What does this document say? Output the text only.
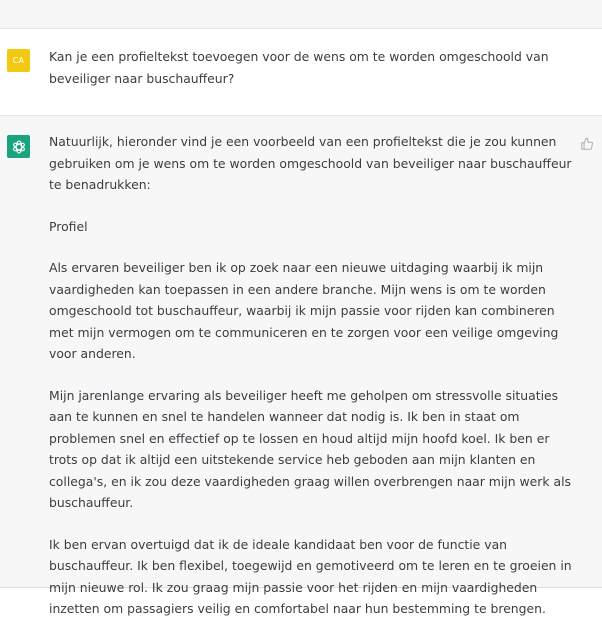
CA Kan je een profieltekst toevoegen voor de wens om te worden omgeschoold van beveiliger naar buschauffeur?

Natuurlijk, hieronder vind je een voorbeeld van een profieltekst die je zou kunnen gebruiken om je wens om te worden omgeschoold van beveiliger naar buschauffeur te benadrukken:

Profiel

Als ervaren beveiliger ben ik op zoek naar een nieuwe uitdaging waarbij ik mijn vaardigheden kan toepassen in een andere branche. Mijn wens is om te worden omgeschoold tot buschauffeur, waarbij ik mijn passie voor rijden kan combineren met mijn vermogen om te communiceren en te zorgen voor een veilige omgeving voor anderen.

Mijn jarenlange ervaring als beveiliger heeft me geholpen om stressvolle situaties aan te kunnen en snel te handelen wanneer dat nodig is. Ik ben in staat om problemen snel en effectief op te lossen en houd altijd mijn hoofd koel. Ik ben er trots op dat ik altijd een uitstekende service heb geboden aan mijn klanten en collega's, en ik zou deze vaardigheden graag willen overbrengen naar mijn werk als buschauffeur.

Ik ben ervan overtuigd dat ik de ideale kandidaat ben voor de functie van buschauffeur. Ik ben flexibel, toegewijd en gemotiveerd om te leren en te groeien in mijn nieuwe rol. Ik zou graag mijn passie voor het rijden en mijn vaardigheden inzetten om passagiers veilig en comfortabel naar hun bestemming te brengen.
